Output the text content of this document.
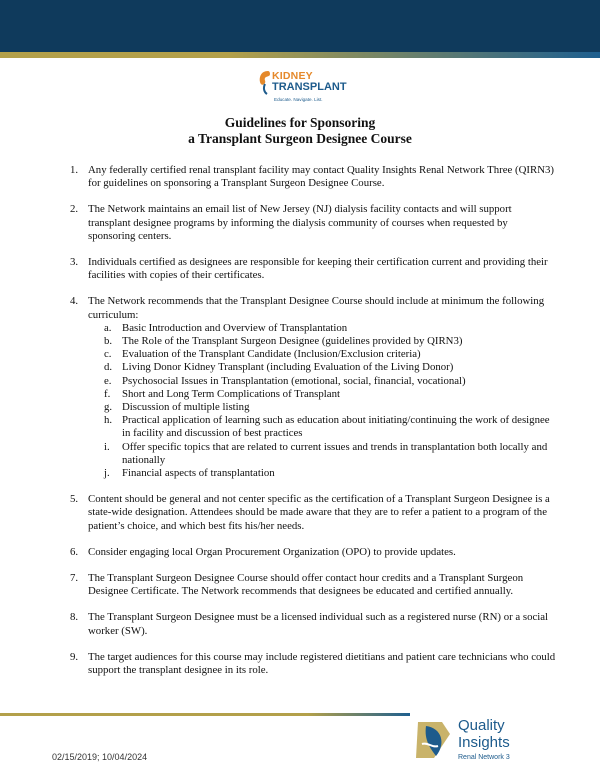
KIDNEY
TRANSPLANT
Educate. Navigate. List.
Guidelines for Sponsoring
a Transplant Surgeon Designee Course
1. Any federally certified renal transplant facility may contact Quality Insights Renal Network Three (QIRN3) for guidelines on sponsoring a Transplant Surgeon Designee Course.
2. The Network maintains an email list of New Jersey (NJ) dialysis facility contacts and will support transplant designee programs by informing the dialysis community of courses when requested by sponsoring centers.
3. Individuals certified as designees are responsible for keeping their certification current and providing their facilities with copies of their certificates.
4. The Network recommends that the Transplant Designee Course should include at minimum the following curriculum:
a. Basic Introduction and Overview of Transplantation
b. The Role of the Transplant Surgeon Designee (guidelines provided by QIRN3)
c. Evaluation of the Transplant Candidate (Inclusion/Exclusion criteria)
d. Living Donor Kidney Transplant (including Evaluation of the Living Donor)
e. Psychosocial Issues in Transplantation (emotional, social, financial, vocational)
f. Short and Long Term Complications of Transplant
g. Discussion of multiple listing
h. Practical application of learning such as education about initiating/continuing the work of designee in facility and discussion of best practices
i. Offer specific topics that are related to current issues and trends in transplantation both locally and nationally
j. Financial aspects of transplantation
5. Content should be general and not center specific as the certification of a Transplant Surgeon Designee is a state-wide designation. Attendees should be made aware that they are to refer a patient to a program of the patient’s choice, and which best fits his/her needs.
6. Consider engaging local Organ Procurement Organization (OPO) to provide updates.
7. The Transplant Surgeon Designee Course should offer contact hour credits and a Transplant Surgeon Designee Certificate. The Network recommends that designees be educated and certified annually.
8. The Transplant Surgeon Designee must be a licensed individual such as a registered nurse (RN) or a social worker (SW).
9. The target audiences for this course may include registered dietitians and patient care technicians who could support the transplant designee in its role.
02/15/2019; 10/04/2024
Quality
Insights
Renal Network 3
